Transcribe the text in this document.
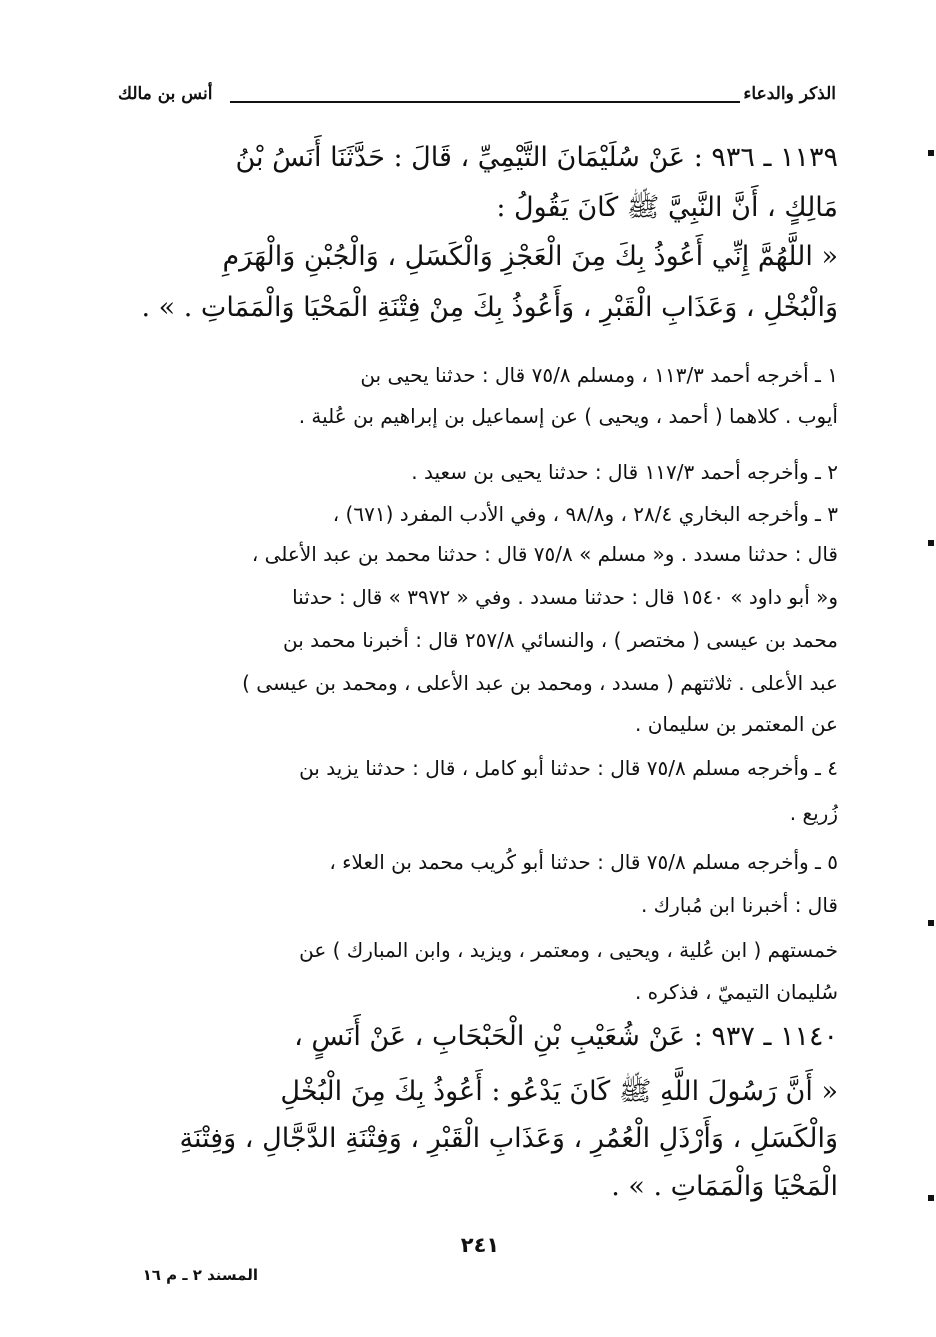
الذكر والدعاء
أنس بن مالك
١١٣٩ ـ ٩٣٦ : عَنْ سُلَيْمَانَ التَّيْمِيِّ ، قَالَ : حَدَّثَنَا أَنَسُ بْنُ
مَالِكٍ ، أَنَّ النَّبِيَّ ﷺ كَانَ يَقُولُ :
« اللَّهُمَّ إِنِّي أَعُوذُ بِكَ مِنَ الْعَجْزِ وَالْكَسَلِ ، وَالْجُبْنِ وَالْهَرَمِ
وَالْبُخْلِ ، وَعَذَابِ الْقَبْرِ ، وَأَعُوذُ بِكَ مِنْ فِتْنَةِ الْمَحْيَا وَالْمَمَاتِ . » .
١ ـ أخرجه أحمد ١١٣/٣ ، ومسلم ٧٥/٨ قال : حدثنا يحيى بن
أيوب . كلاهما ( أحمد ، ويحيى ) عن إسماعيل بن إبراهيم بن عُلية .
٢ ـ وأخرجه أحمد ١١٧/٣ قال : حدثنا يحيى بن سعيد .
٣ ـ وأخرجه البخاري ٢٨/٤ ، و٩٨/٨ ، وفي الأدب المفرد (٦٧١) ،
قال : حدثنا مسدد . و« مسلم » ٧٥/٨ قال : حدثنا محمد بن عبد الأعلى ،
و« أبو داود » ١٥٤٠ قال : حدثنا مسدد . وفي « ٣٩٧٢ » قال : حدثنا
محمد بن عيسى ( مختصر ) ، والنسائي ٢٥٧/٨ قال : أخبرنا محمد بن
عبد الأعلى . ثلاثتهم ( مسدد ، ومحمد بن عبد الأعلى ، ومحمد بن عيسى )
عن المعتمر بن سليمان .
٤ ـ وأخرجه مسلم ٧٥/٨ قال : حدثنا أبو كامل ، قال : حدثنا يزيد بن
زُريع .
٥ ـ وأخرجه مسلم ٧٥/٨ قال : حدثنا أبو كُريب محمد بن العلاء ،
قال : أخبرنا ابن مُبارك .
خمستهم ( ابن عُلية ، ويحيى ، ومعتمر ، ويزيد ، وابن المبارك ) عن
سُليمان التيميّ ، فذكره .
١١٤٠ ـ ٩٣٧ : عَنْ شُعَيْبِ بْنِ الْحَبْحَابِ ، عَنْ أَنَسٍ ،
« أَنَّ رَسُولَ اللَّهِ ﷺ كَانَ يَدْعُو : أَعُوذُ بِكَ مِنَ الْبُخْلِ
وَالْكَسَلِ ، وَأَرْذَلِ الْعُمُرِ ، وَعَذَابِ الْقَبْرِ ، وَفِتْنَةِ الدَّجَّالِ ، وَفِتْنَةِ
الْمَحْيَا وَالْمَمَاتِ . » .
٢٤١
المسند ٢ ـ م ١٦
